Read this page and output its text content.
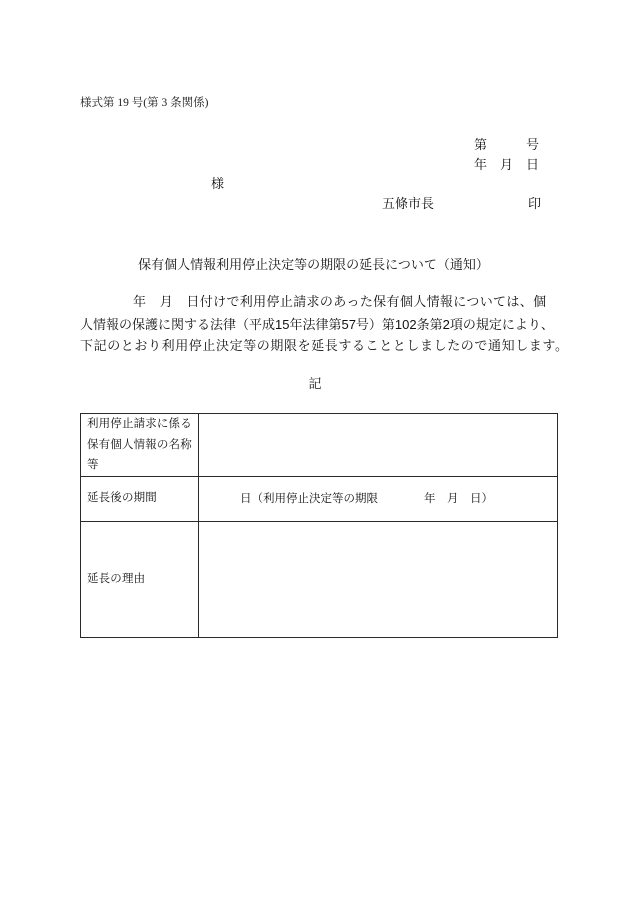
様式第 19 号(第 3 条関係)
第　　　号
年　月　日
様
五條市長	印
保有個人情報利用停止決定等の期限の延長について（通知）
年　月　日付けで利用停止請求のあった保有個人情報については、個
人情報の保護に関する法律（平成15年法律第57号）第102条第2項の規定により、
下記のとおり利用停止決定等の期限を延長することとしましたので通知します。
記
利用停止請求に係る保有個人情報の名称等	
延長後の期間	日（利用停止決定等の期限　　　　年　月　日）
延長の理由	
